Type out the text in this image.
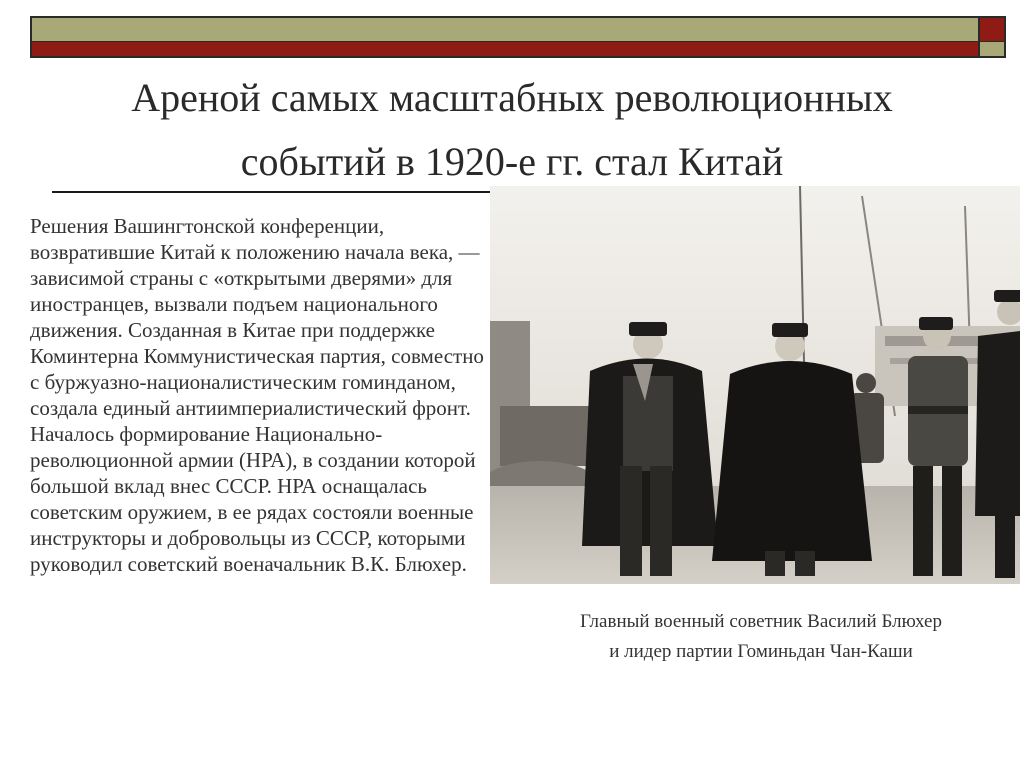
Ареной самых масштабных революционных
событий в 1920-е гг. стал Китай

Решения Вашингтонской конференции, возвратившие Китай к положению начала века, — зависимой страны с «открытыми дверями» для иностранцев, вызвали подъем национального движения. Созданная в Китае при поддержке Коминтерна Коммунистическая партия, совместно с буржуазно-националистическим гоминданом, создала единый антиимпериалистический фронт. Началось формирование Национально-революционной армии (НРА), в создании которой большой вклад внес СССР. НРА оснащалась советским оружием, в ее рядах состояли военные инструкторы и добровольцы из СССР, которыми руководил советский военачальник В.К. Блюхер.

Главный военный советник Василий Блюхер
и лидер партии Гоминьдан Чан-Каши
